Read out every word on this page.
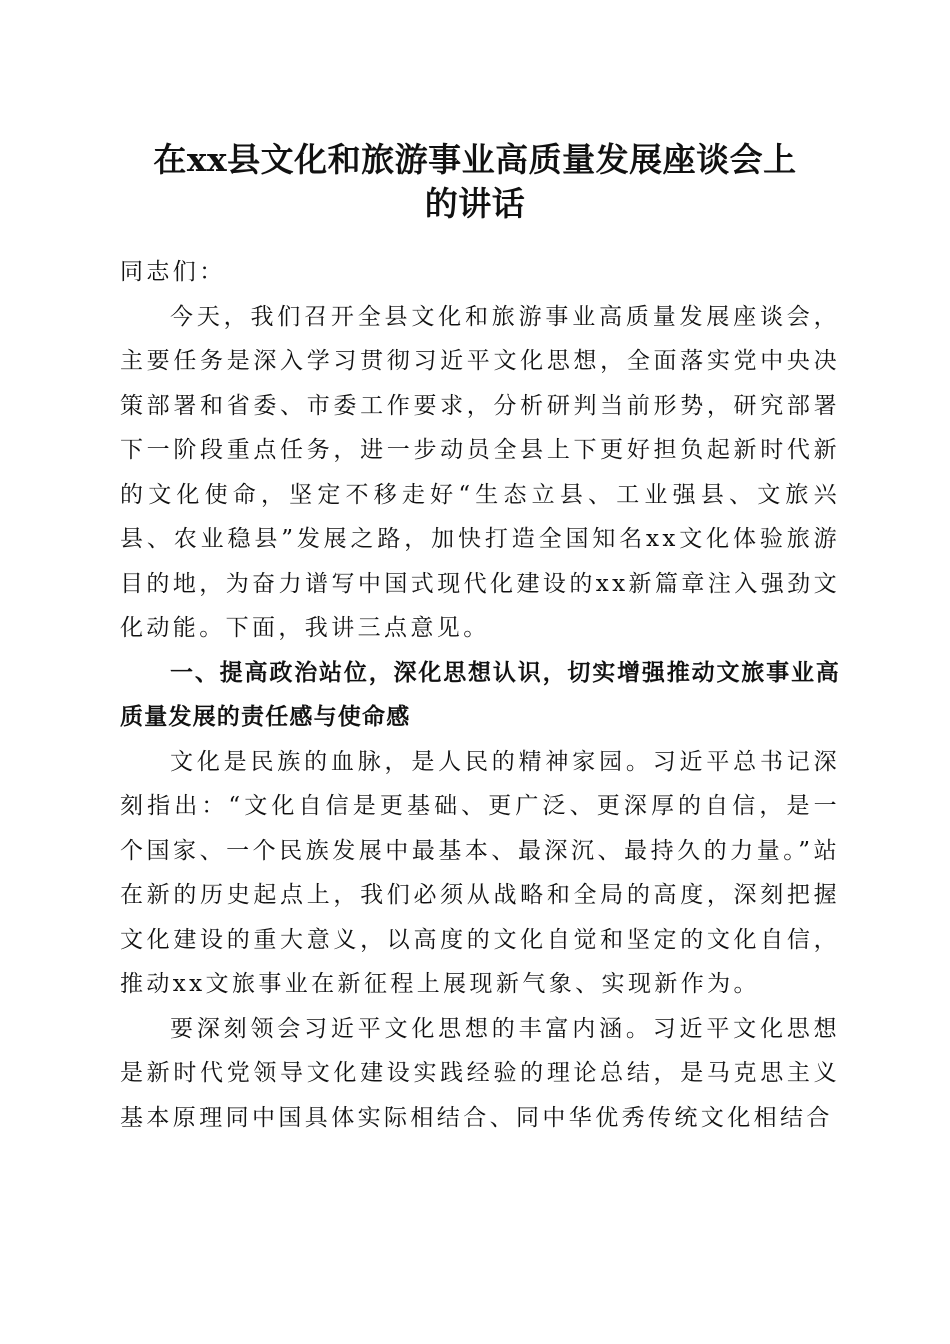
在xx县文化和旅游事业高质量发展座谈会上
的讲话

同志们：

今天，我们召开全县文化和旅游事业高质量发展座谈会，主要任务是深入学习贯彻习近平文化思想，全面落实党中央决策部署和省委、市委工作要求，分析研判当前形势，研究部署下一阶段重点任务，进一步动员全县上下更好担负起新时代新的文化使命，坚定不移走好“生态立县、工业强县、文旅兴县、农业稳县”发展之路，加快打造全国知名xx文化体验旅游目的地，为奋力谱写中国式现代化建设的xx新篇章注入强劲文化动能。下面，我讲三点意见。

一、提高政治站位，深化思想认识，切实增强推动文旅事业高质量发展的责任感与使命感

文化是民族的血脉，是人民的精神家园。习近平总书记深刻指出：“文化自信是更基础、更广泛、更深厚的自信，是一个国家、一个民族发展中最基本、最深沉、最持久的力量。”站在新的历史起点上，我们必须从战略和全局的高度，深刻把握文化建设的重大意义，以高度的文化自觉和坚定的文化自信，推动xx文旅事业在新征程上展现新气象、实现新作为。

要深刻领会习近平文化思想的丰富内涵。习近平文化思想是新时代党领导文化建设实践经验的理论总结，是马克思主义基本原理同中国具体实际相结合、同中华优秀传统文化相结合
